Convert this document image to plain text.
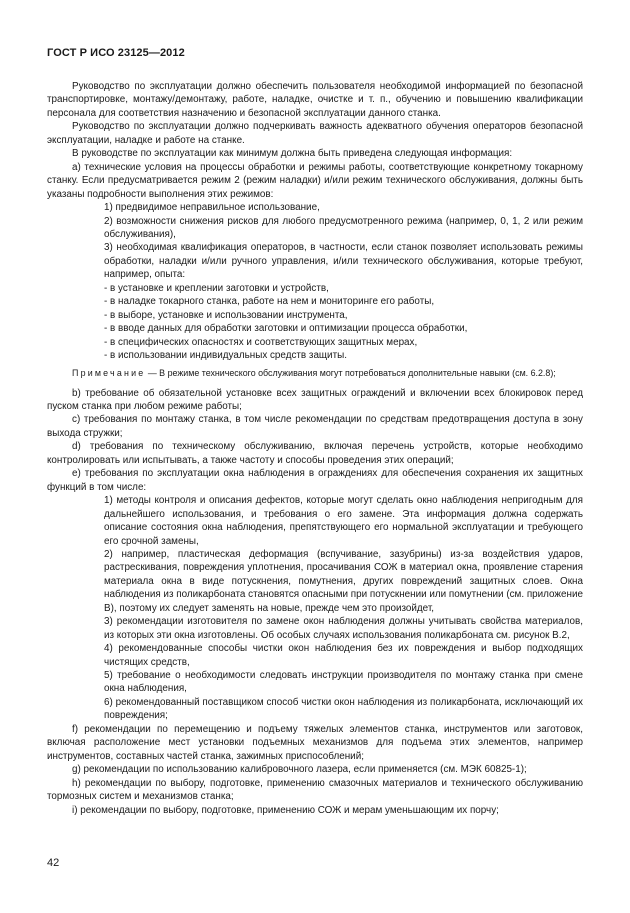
ГОСТ Р ИСО 23125—2012

Руководство по эксплуатации должно обеспечить пользователя необходимой информацией по безопасной транспортировке, монтажу/демонтажу, работе, наладке, очистке и т. п., обучению и повышению квалификации персонала для соответствия назначению и безопасной эксплуатации данного станка.

Руководство по эксплуатации должно подчеркивать важность адекватного обучения операторов безопасной эксплуатации, наладке и работе на станке.

В руководстве по эксплуатации как минимум должна быть приведена следующая информация:

а) технические условия на процессы обработки и режимы работы, соответствующие конкретному токарному станку. Если предусматривается режим 2 (режим наладки) и/или режим технического обслуживания, должны быть указаны подробности выполнения этих режимов:

1) предвидимое неправильное использование,

2) возможности снижения рисков для любого предусмотренного режима (например, 0, 1, 2 или режим обслуживания),

3) необходимая квалификация операторов, в частности, если станок позволяет использовать режимы обработки, наладки и/или ручного управления, и/или технического обслуживания, которые требуют, например, опыта:

- в установке и креплении заготовки и устройств,

- в наладке токарного станка, работе на нем и мониторинге его работы,

- в выборе, установке и использовании инструмента,

- в вводе данных для обработки заготовки и оптимизации процесса обработки,

- в специфических опасностях и соответствующих защитных мерах,

- в использовании индивидуальных средств защиты.

Примечание — В режиме технического обслуживания могут потребоваться дополнительные навыки (см. 6.2.8);

b) требование об обязательной установке всех защитных ограждений и включении всех блокировок перед пуском станка при любом режиме работы;

c) требования по монтажу станка, в том числе рекомендации по средствам предотвращения доступа в зону выхода стружки;

d) требования по техническому обслуживанию, включая перечень устройств, которые необходимо контролировать или испытывать, а также частоту и способы проведения этих операций;

e) требования по эксплуатации окна наблюдения в ограждениях для обеспечения сохранения их защитных функций в том числе:

1) методы контроля и описания дефектов, которые могут сделать окно наблюдения непригодным для дальнейшего использования, и требования о его замене. Эта информация должна содержать описание состояния окна наблюдения, препятствующего его нормальной эксплуатации и требующего его срочной замены,

2) например, пластическая деформация (вспучивание, зазубрины) из-за воздействия ударов, растрескивания, повреждения уплотнения, просачивания СОЖ в материал окна, проявление старения материала окна в виде потускнения, помутнения, других повреждений защитных слоев. Окна наблюдения из поликарбоната становятся опасными при потускнении или помутнении (см. приложение В), поэтому их следует заменять на новые, прежде чем это произойдет,

3) рекомендации изготовителя по замене окон наблюдения должны учитывать свойства материалов, из которых эти окна изготовлены. Об особых случаях использования поликарбоната см. рисунок В.2,

4) рекомендованные способы чистки окон наблюдения без их повреждения и выбор подходящих чистящих средств,

5) требование о необходимости следовать инструкции производителя по монтажу станка при смене окна наблюдения,

6) рекомендованный поставщиком способ чистки окон наблюдения из поликарбоната, исключающий их повреждения;

f) рекомендации по перемещению и подъему тяжелых элементов станка, инструментов или заготовок, включая расположение мест установки подъемных механизмов для подъема этих элементов, например инструментов, составных частей станка, зажимных приспособлений;

g) рекомендации по использованию калибровочного лазера, если применяется (см. МЭК 60825-1);

h) рекомендации по выбору, подготовке, применению смазочных материалов и технического обслуживанию тормозных систем и механизмов станка;

i) рекомендации по выбору, подготовке, применению СОЖ и мерам уменьшающим их порчу;

42
